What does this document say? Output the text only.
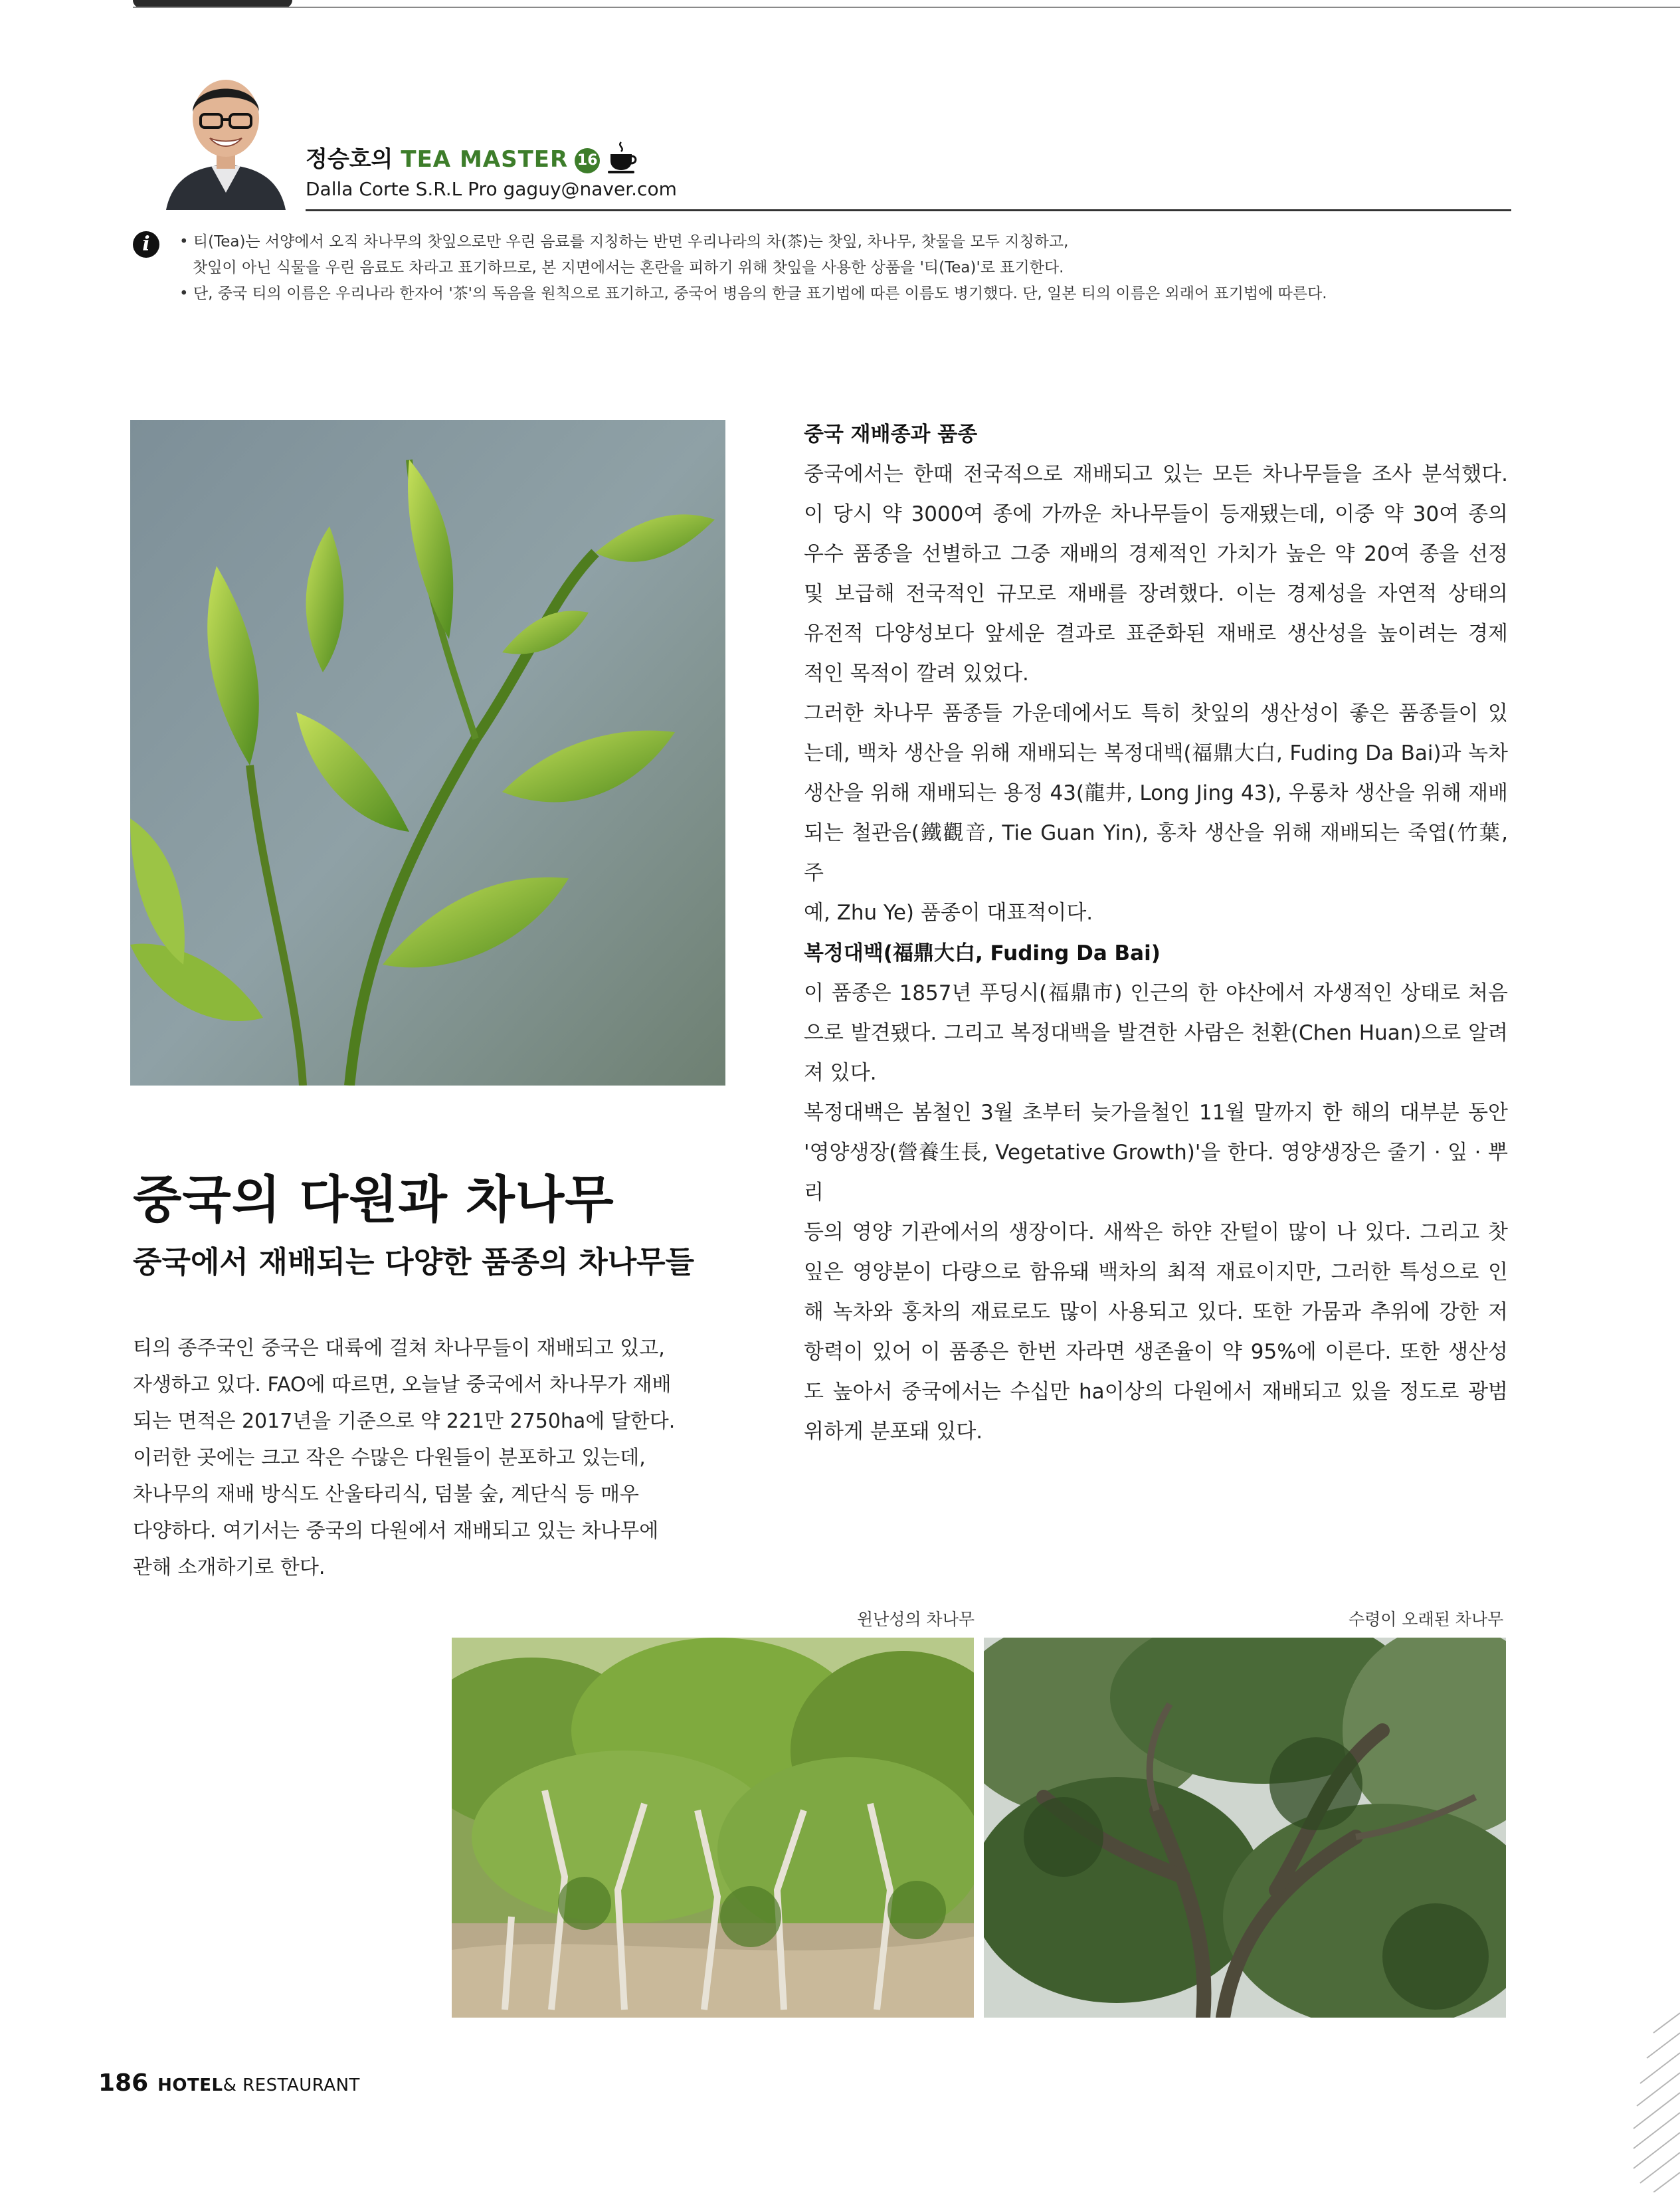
정승호의 TEA MASTER 16
Dalla Corte S.R.L Pro gaguy@naver.com
i	• 티(Tea)는 서양에서 오직 차나무의 찻잎으로만 우린 음료를 지칭하는 반면 우리나라의 차(茶)는 찻잎, 차나무, 찻물을 모두 지칭하고,
찻잎이 아닌 식물을 우린 음료도 차라고 표기하므로, 본 지면에서는 혼란을 피하기 위해 찻잎을 사용한 상품을 '티(Tea)'로 표기한다.
• 단, 중국 티의 이름은 우리나라 한자어 '茶'의 독음을 원칙으로 표기하고, 중국어 병음의 한글 표기법에 따른 이름도 병기했다. 단, 일본 티의 이름은 외래어 표기법에 따른다.
중국의 다원과 차나무
중국에서 재배되는 다양한 품종의 차나무들
티의 종주국인 중국은 대륙에 걸쳐 차나무들이 재배되고 있고,
자생하고 있다. FAO에 따르면, 오늘날 중국에서 차나무가 재배
되는 면적은 2017년을 기준으로 약 221만 2750ha에 달한다.
이러한 곳에는 크고 작은 수많은 다원들이 분포하고 있는데,
차나무의 재배 방식도 산울타리식, 덤불 숲, 계단식 등 매우
다양하다. 여기서는 중국의 다원에서 재배되고 있는 차나무에
관해 소개하기로 한다.
중국 재배종과 품종
중국에서는 한때 전국적으로 재배되고 있는 모든 차나무들을 조사 분석했다.
이 당시 약 3000여 종에 가까운 차나무들이 등재됐는데, 이중 약 30여 종의
우수 품종을 선별하고 그중 재배의 경제적인 가치가 높은 약 20여 종을 선정
및 보급해 전국적인 규모로 재배를 장려했다. 이는 경제성을 자연적 상태의
유전적 다양성보다 앞세운 결과로 표준화된 재배로 생산성을 높이려는 경제
적인 목적이 깔려 있었다.
그러한 차나무 품종들 가운데에서도 특히 찻잎의 생산성이 좋은 품종들이 있
는데, 백차 생산을 위해 재배되는 복정대백(福鼎大白, Fuding Da Bai)과 녹차
생산을 위해 재배되는 용정 43(龍井, Long Jing 43), 우롱차 생산을 위해 재배
되는 철관음(鐵觀音, Tie Guan Yin), 홍차 생산을 위해 재배되는 죽엽(竹葉, 주
예, Zhu Ye) 품종이 대표적이다.
복정대백(福鼎大白, Fuding Da Bai)
이 품종은 1857년 푸딩시(福鼎市) 인근의 한 야산에서 자생적인 상태로 처음
으로 발견됐다. 그리고 복정대백을 발견한 사람은 천환(Chen Huan)으로 알려
져 있다.
복정대백은 봄철인 3월 초부터 늦가을철인 11월 말까지 한 해의 대부분 동안
'영양생장(營養生長, Vegetative Growth)'을 한다. 영양생장은 줄기 · 잎 · 뿌리
등의 영양 기관에서의 생장이다. 새싹은 하얀 잔털이 많이 나 있다. 그리고 찻
잎은 영양분이 다량으로 함유돼 백차의 최적 재료이지만, 그러한 특성으로 인
해 녹차와 홍차의 재료로도 많이 사용되고 있다. 또한 가뭄과 추위에 강한 저
항력이 있어 이 품종은 한번 자라면 생존율이 약 95%에 이른다. 또한 생산성
도 높아서 중국에서는 수십만 ha이상의 다원에서 재배되고 있을 정도로 광범
위하게 분포돼 있다.
윈난성의 차나무	수령이 오래된 차나무
186 HOTEL& RESTAURANT
